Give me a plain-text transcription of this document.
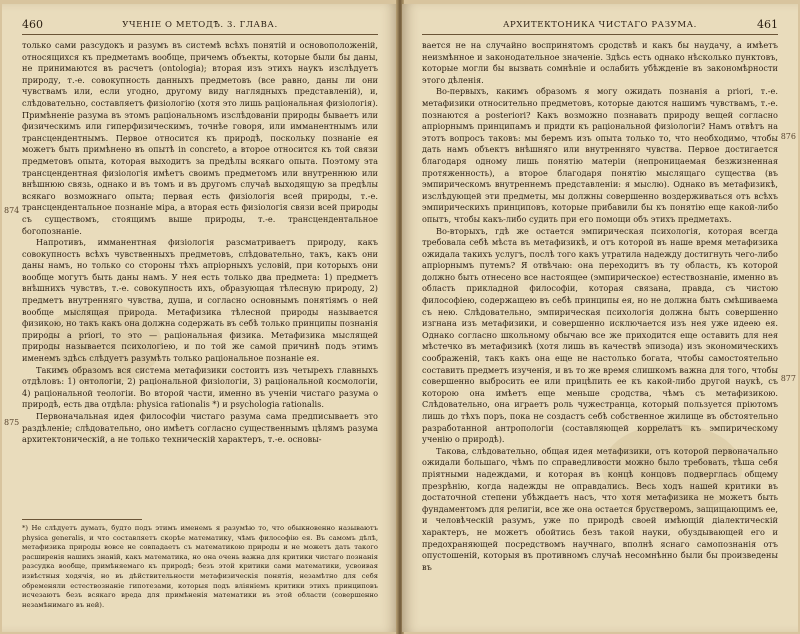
460	УЧЕНІЕ О МЕТОДѢ. 3. ГЛАВА.
874
875

только сами разсудокъ и разумъ въ системѣ всѣхъ понятій и основоположеній, относящихся къ предметамъ вообще, причемъ объекты, которые были бы даны, не принимаются въ расчетъ (ontologia); вторая изъ этихъ наукъ изслѣдуетъ природу, т.-е. совокупность данныхъ предметовъ (все равно, даны ли они чувствамъ или, если угодно, другому виду наглядныхъ представленій), и, слѣдовательно, составляетъ физіологію (хотя это лишь раціональная физіологія). Примѣненіе разума въ этомъ раціональномъ изслѣдованіи природы бываетъ или физическимъ или гиперфизическимъ, точнѣе говоря, или имманентнымъ или трансцендентнымъ. Первое относится къ природѣ, поскольку познаніе ея можетъ быть примѣнено въ опытѣ in concreto, а второе относится къ той связи предметовъ опыта, которая выходитъ за предѣлы всякаго опыта. Поэтому эта трансцендентная физіологія имѣетъ своимъ предметомъ или внутреннюю или внѣшнюю связь, однако и въ томъ и въ другомъ случаѣ выходящую за предѣлы всякаго возможнаго опыта; первая есть физіологія всей природы, т.-е. трансцендентальное познаніе міра, а вторая есть физіологія связи всей природы съ существомъ, стоящимъ выше природы, т.-е. трансцендентальное богопознаніе.

Напротивъ, имманентная физіологія разсматриваетъ природу, какъ совокупность всѣхъ чувственныхъ предметовъ, слѣдовательно, такъ, какъ они даны намъ, но только со стороны тѣхъ апріорныхъ условій, при которыхъ они вообще могутъ быть даны намъ. У нея есть только два предмета: 1) предметъ внѣшнихъ чувствъ, т.-е. совокупность ихъ, образующая тѣлесную природу, 2) предметъ внутренняго чувства, душа, и согласно основнымъ понятіямъ о ней вообще мыслящая природа. Метафизика тѣлесной природы называется физикою, но такъ какъ она должна содержать въ себѣ только принципы познанія природы a priori, то это — раціональная физика. Метафизика мыслящей природы называется психологіею, и по той же самой причинѣ подъ этимъ именемъ здѣсь слѣдуетъ разумѣть только раціональное познаніе ея.

Такимъ образомъ вся система метафизики состоитъ изъ четырехъ главныхъ отдѣловъ: 1) онтологіи, 2) раціональной физіологіи, 3) раціональной космологіи, 4) раціональной теологіи. Во второй части, именно въ ученіи чистаго разума о природѣ, есть два отдѣла: physica rationalis *) и psychologia rationalis.

Первоначальная идея философіи чистаго разума сама предписываетъ это раздѣленіе; слѣдовательно, оно имѣетъ согласно существеннымъ цѣлямъ разума архитектоническій, а не только техническій характеръ, т.-е. основы-

*) Не слѣдуетъ думать, будто подъ этимъ именемъ я разумѣю то, что обыкновенно называютъ physica generalis, и что составляетъ скорѣе математику, чѣмъ философію ея. Въ самомъ дѣлѣ, метафизика природы вовсе не совпадаетъ съ математикою природы и не можетъ дать такого расширенія нашихъ знаній, какъ математика, но она очень важна для критики чистаго познанія разсудка вообще, примѣняемаго къ природѣ; безъ этой критики сами математики, усвоивая извѣстныя ходячія, но въ дѣйствительности метафизическія понятія, незамѣтно для себя обременяли естествознаніе гипотезами, которыя подъ вліяніемъ критики этихъ принциповъ исчезаютъ безъ всякаго вреда для примѣненія математики въ этой области (совершенно незамѣнимаго въ ней).
АРХИТЕКТОНИКА ЧИСТАГО РАЗУМА.	461
876
877

вается не на случайно воспринятомъ сродствѣ и какъ бы наудачу, а имѣетъ неизмѣнное и законодательное значеніе. Здѣсь есть однако нѣсколько пунктовъ, которые могли бы вызвать сомнѣніе и ослабить убѣжденіе въ закономѣрности этого дѣленія.

Во-первыхъ, какимъ образомъ я могу ожидать познанія a priori, т.-е. метафизики относительно предметовъ, которые даются нашимъ чувствамъ, т.-е. познаются a posteriori? Какъ возможно познавать природу вещей согласно апріорнымъ принципамъ и придти къ раціональной физіологіи? Намъ отвѣтъ на этотъ вопросъ таковъ: мы беремъ изъ опыта только то, что необходимо, чтобы дать намъ объектъ внѣшняго или внутренняго чувства. Первое достигается благодаря одному лишь понятію матеріи (непроницаемая безжизненная протяженность), а второе благодаря понятію мыслящаго существа (въ эмпирическомъ внутреннемъ представленіи: я мыслю). Однако въ метафизикѣ, изслѣдующей эти предметы, мы должны совершенно воздерживаться отъ всѣхъ эмпирическихъ принциповъ, которые прибавили бы къ понятію еще какой-либо опытъ, чтобы какъ-либо судить при его помощи объ этихъ предметахъ.

Во-вторыхъ, гдѣ же остается эмпирическая психологія, которая всегда требовала себѣ мѣста въ метафизикѣ, и отъ которой въ наше время метафизика ожидала такихъ услугъ, послѣ того какъ утратила надежду достигнуть чего-либо апріорнымъ путемъ? Я отвѣчаю: она переходитъ въ ту область, къ которой должно быть отнесено все настоящее (эмпирическое) естествознаніе, именно въ область прикладной философіи, которая связана, правда, съ чистою философіею, содержащею въ себѣ принципы ея, но не должна быть смѣшиваема съ нею. Слѣдовательно, эмпирическая психологія должна быть совершенно изгнана изъ метафизики, и совершенно исключается изъ нея уже идеею ея. Однако согласно школьному обычаю все же приходится еще оставить для нея мѣстечко въ метафизикѣ (хотя лишь въ качествѣ эпизода) изъ экономическихъ соображеній, такъ какъ она еще не настолько богата, чтобы самостоятельно составить предметъ изученія, и въ то же время слишкомъ важна для того, чтобы совершенно выбросить ее или прицѣпить ее къ какой-либо другой наукѣ, съ которою она имѣетъ еще меньше сродства, чѣмъ съ метафизикою. Слѣдовательно, она играетъ роль чужестранца, который пользуется пріютомъ лишь до тѣхъ поръ, пока не создастъ себѣ собственное жилище въ обстоятельно разработанной антропологіи (составляющей коррелатъ къ эмпирическому ученію о природѣ).

Такова, слѣдовательно, общая идея метафизики, отъ которой первоначально ожидали большаго, чѣмъ по справедливости можно было требовать, тѣша себя пріятными надеждами, и которая въ концѣ концовъ подверглась общему презрѣнію, когда надежды не оправдались. Весь ходъ нашей критики въ достаточной степени убѣждаетъ насъ, что хотя метафизика не можетъ быть фундаментомъ для религіи, все же она остается брустверомъ, защищающимъ ее, и человѣческій разумъ, уже по природѣ своей имѣющій діалектическій характеръ, не можетъ обойтись безъ такой науки, обуздывающей его и предохраняющей посредствомъ научнаго, вполнѣ яснаго самопознанія отъ опустошеній, которыя въ противномъ случаѣ несомнѣнно были бы произведены въ
